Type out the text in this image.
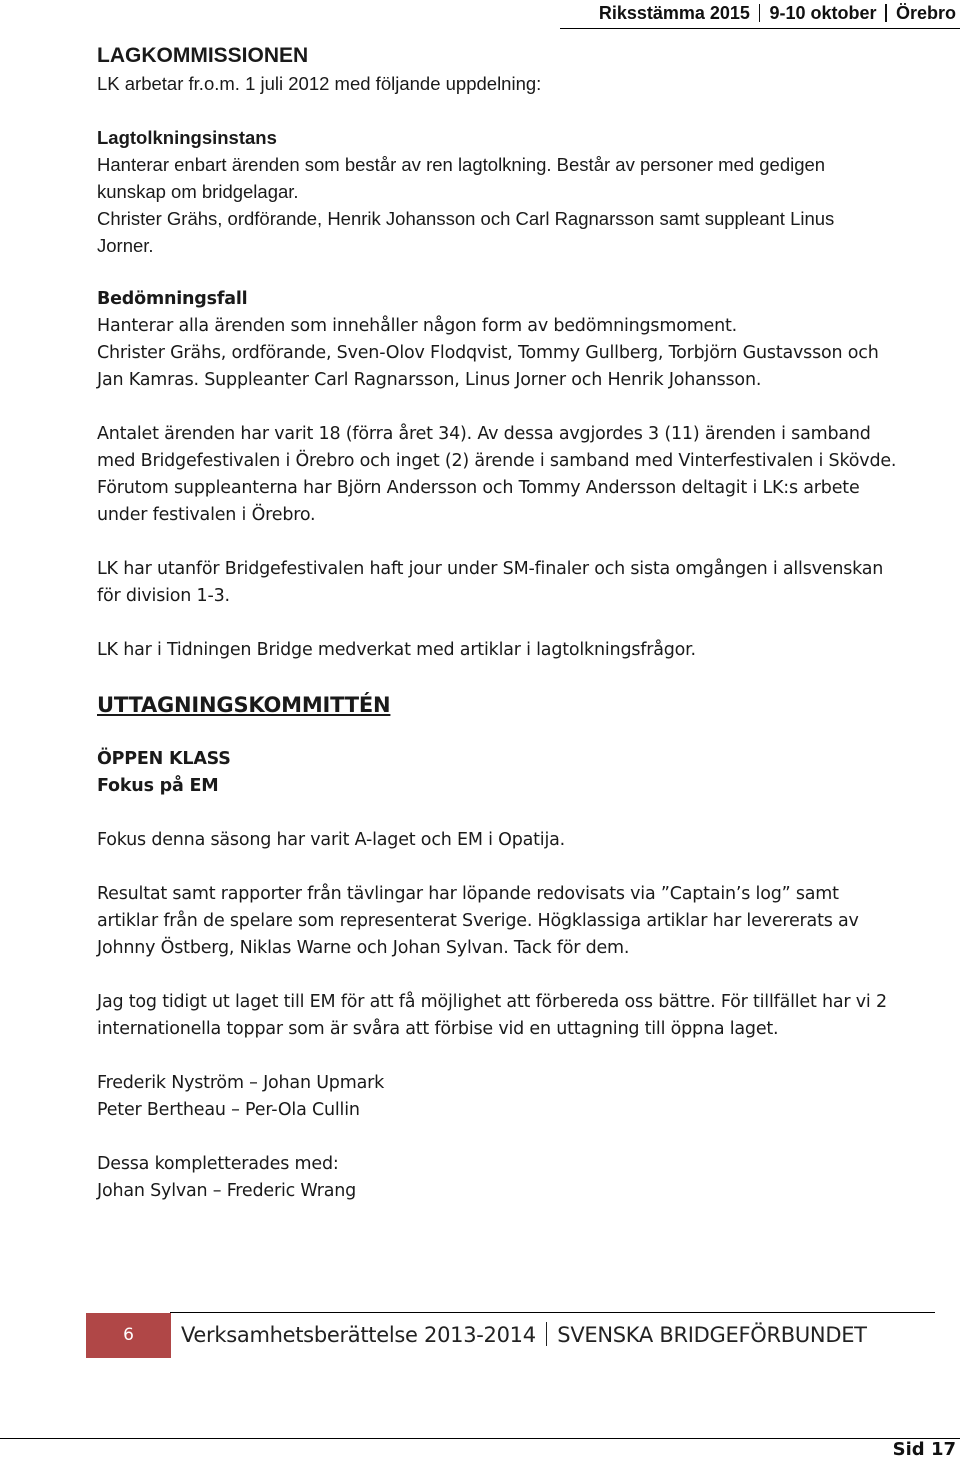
Riksstämma 2015 9-10 oktober Örebro
LAGKOMMISSIONEN

LK arbetar fr.o.m. 1 juli 2012 med följande uppdelning:

Lagtolkningsinstans

Hanterar enbart ärenden som består av ren lagtolkning. Består av personer med gedigen

kunskap om bridgelagar.

Christer Grähs, ordförande, Henrik Johansson och Carl Ragnarsson samt suppleant Linus

Jorner.

Bedömningsfall

Hanterar alla ärenden som innehåller någon form av bedömningsmoment.

Christer Grähs, ordförande, Sven-Olov Flodqvist, Tommy Gullberg, Torbjörn Gustavsson och

Jan Kamras. Suppleanter Carl Ragnarsson, Linus Jorner och Henrik Johansson.

Antalet ärenden har varit 18 (förra året 34). Av dessa avgjordes 3 (11) ärenden i samband

med Bridgefestivalen i Örebro och inget (2) ärende i samband med Vinterfestivalen i Skövde.

Förutom suppleanterna har Björn Andersson och Tommy Andersson deltagit i LK:s arbete

under festivalen i Örebro.

LK har utanför Bridgefestivalen haft jour under SM-finaler och sista omgången i allsvenskan

för division 1-3.

LK har i Tidningen Bridge medverkat med artiklar i lagtolkningsfrågor.

UTTAGNINGSKOMMITTÉN

ÖPPEN KLASS

Fokus på EM

Fokus denna säsong har varit A-laget och EM i Opatija.

Resultat samt rapporter från tävlingar har löpande redovisats via ”Captain’s log” samt

artiklar från de spelare som representerat Sverige. Högklassiga artiklar har levererats av

Johnny Östberg, Niklas Warne och Johan Sylvan. Tack för dem.

Jag tog tidigt ut laget till EM för att få möjlighet att förbereda oss bättre. För tillfället har vi 2

internationella toppar som är svåra att förbise vid en uttagning till öppna laget.

Frederik Nyström – Johan Upmark

Peter Bertheau – Per-Ola Cullin

Dessa kompletterades med:

Johan Sylvan – Frederic Wrang

6	Verksamhetsberättelse 2013-2014 SVENSKA BRIDGEFÖRBUNDET
Sid 17
